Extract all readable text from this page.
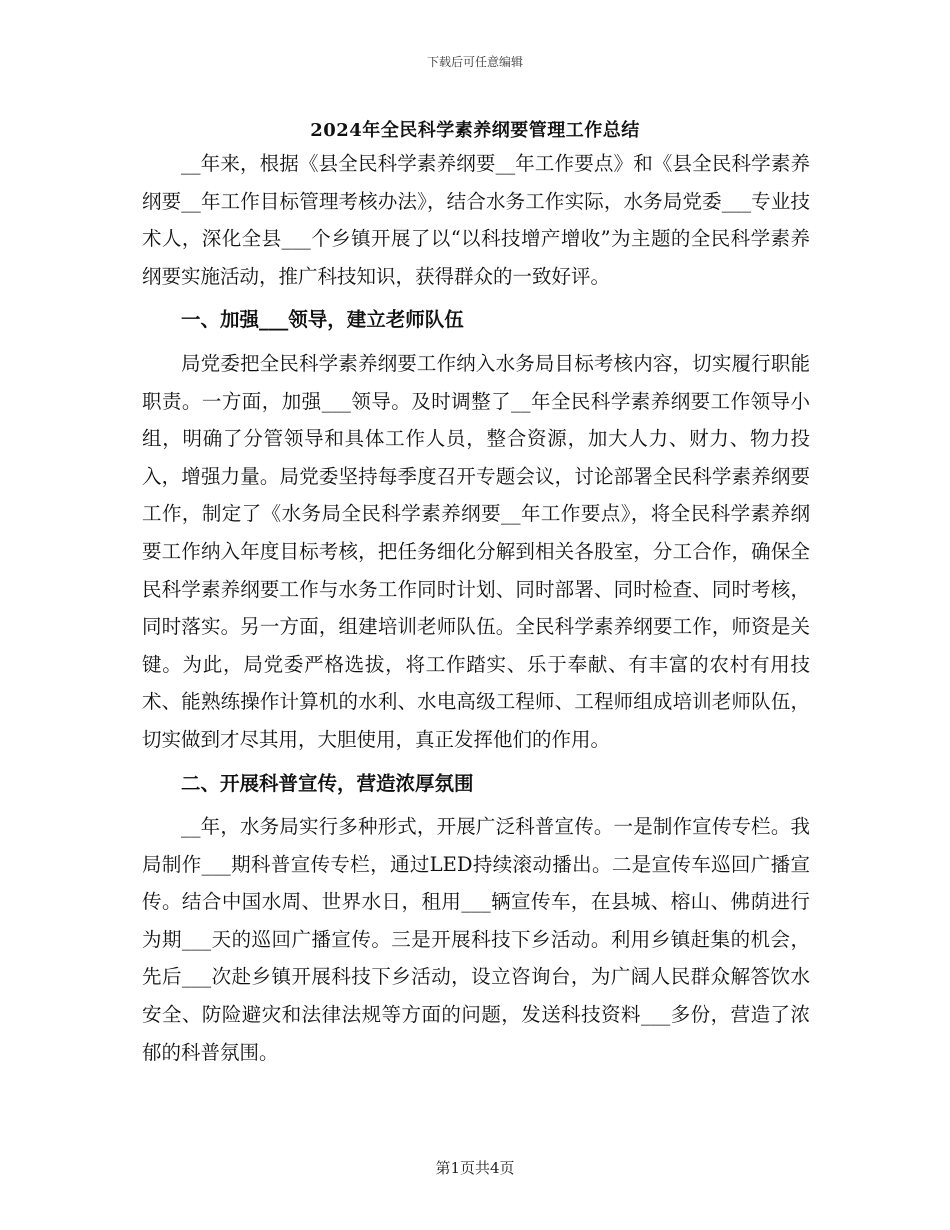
下载后可任意编辑
2024年全民科学素养纲要管理工作总结

__年来，根据《县全民科学素养纲要__年工作要点》和《县全民科学素养纲要__年工作目标管理考核办法》，结合水务工作实际，水务局党委___专业技术人，深化全县___个乡镇开展了以“以科技增产增收”为主题的全民科学素养纲要实施活动，推广科技知识，获得群众的一致好评。

一、加强___领导，建立老师队伍

局党委把全民科学素养纲要工作纳入水务局目标考核内容，切实履行职能职责。一方面，加强___领导。及时调整了__年全民科学素养纲要工作领导小组，明确了分管领导和具体工作人员，整合资源，加大人力、财力、物力投入，增强力量。局党委坚持每季度召开专题会议，讨论部署全民科学素养纲要工作，制定了《水务局全民科学素养纲要__年工作要点》，将全民科学素养纲要工作纳入年度目标考核，把任务细化分解到相关各股室，分工合作，确保全民科学素养纲要工作与水务工作同时计划、同时部署、同时检查、同时考核，同时落实。另一方面，组建培训老师队伍。全民科学素养纲要工作，师资是关键。为此，局党委严格选拔，将工作踏实、乐于奉献、有丰富的农村有用技术、能熟练操作计算机的水利、水电高级工程师、工程师组成培训老师队伍，切实做到才尽其用，大胆使用，真正发挥他们的作用。

二、开展科普宣传，营造浓厚氛围

__年，水务局实行多种形式，开展广泛科普宣传。一是制作宣传专栏。我局制作___期科普宣传专栏，通过LED持续滚动播出。二是宣传车巡回广播宣传。结合中国水周、世界水日，租用___辆宣传车，在县城、榕山、佛荫进行为期___天的巡回广播宣传。三是开展科技下乡活动。利用乡镇赶集的机会，先后___次赴乡镇开展科技下乡活动，设立咨询台，为广阔人民群众解答饮水安全、防险避灾和法律法规等方面的问题，发送科技资料___多份，营造了浓郁的科普氛围。

第1页共4页
